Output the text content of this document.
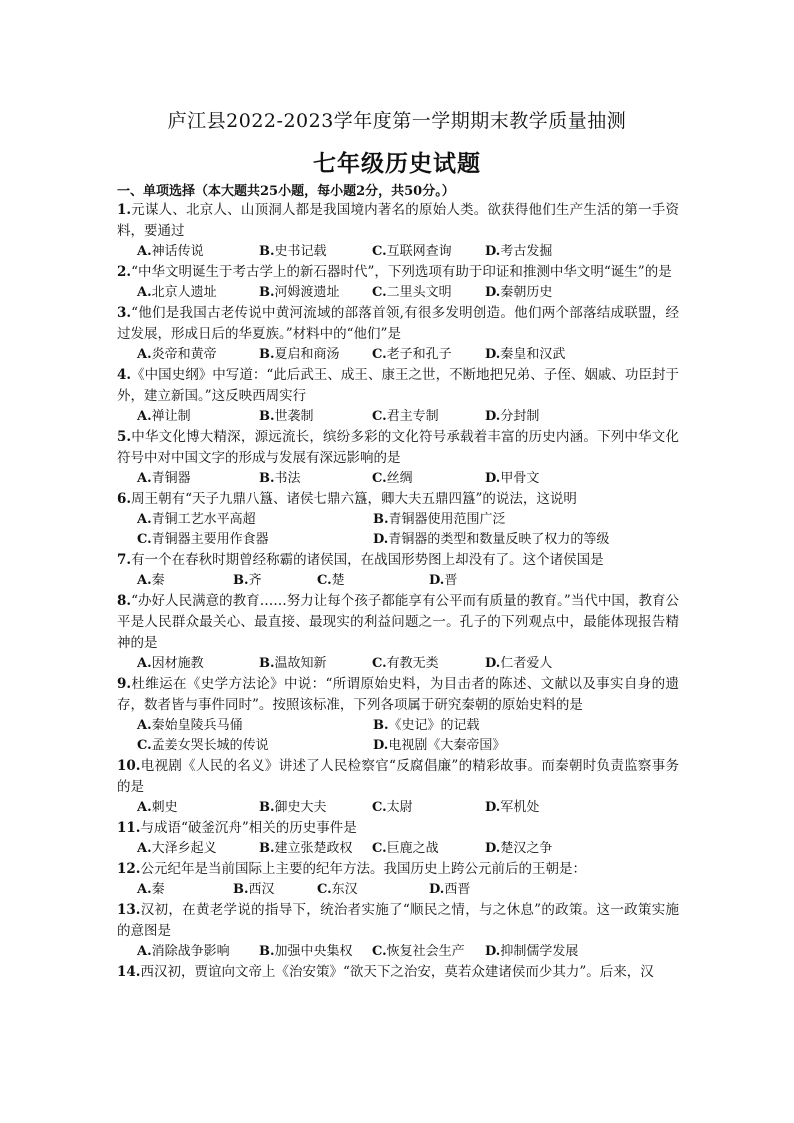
庐江县2022-2023学年度第一学期期末教学质量抽测
七年级历史试题
一、单项选择（本大题共25小题，每小题2分，共50分。）

1.元谋人、北京人、山顶洞人都是我国境内著名的原始人类。欲获得他们生产生活的第一手资料，要通过

A.神话传说	B.史书记载	C.互联网查询	D.考古发掘

2.“中华文明诞生于考古学上的新石器时代”，下列选项有助于印证和推测中华文明“诞生”的是

A.北京人遗址	B.河姆渡遗址 C.二里头文明	D.秦朝历史

3.“他们是我国古老传说中黄河流域的部落首领,有很多发明创造。他们两个部落结成联盟，经过发展，形成日后的华夏族。”材料中的“他们”是

A.炎帝和黄帝	B.夏启和商汤 C.老子和孔子	D.秦皇和汉武

4.《中国史纲》中写道：“此后武王、成王、康王之世，不断地把兄弟、子侄、姻戚、功臣封于外，建立新国。”这反映西周实行

A.禅让制	B.世袭制	C.君主专制	D.分封制

5.中华文化博大精深，源远流长，缤纷多彩的文化符号承载着丰富的历史内涵。下列中华文化符号中对中国文字的形成与发展有深远影响的是

A.青铜器	B.书法	C.丝绸	D.甲骨文

6.周王朝有“天子九鼎八簋、诸侯七鼎六簋，卿大夫五鼎四簋”的说法，这说明

A.青铜工艺水平高超	B.青铜器使用范围广泛
C.青铜器主要用作食器	D.青铜器的类型和数量反映了权力的等级

7.有一个在春秋时期曾经称霸的诸侯国，在战国形势图上却没有了。这个诸侯国是

A.秦	B.齐	C.楚	D.晋

8.“办好人民满意的教育……努力让每个孩子都能享有公平而有质量的教育。”当代中国，教育公平是人民群众最关心、最直接、最现实的利益问题之一。孔子的下列观点中，最能体现报告精神的是

A.因材施教	B.温故知新	C.有教无类	D.仁者爱人

9.杜维运在《史学方法论》中说：“所谓原始史料，为目击者的陈述、文献以及事实自身的遗存，数者皆与事件同时”。按照该标准，下列各项属于研究秦朝的原始史料的是

A.秦始皇陵兵马俑	B.《史记》的记载
C.孟姜女哭长城的传说	D.电视剧《大秦帝国》

10.电视剧《人民的名义》讲述了人民检察官“反腐倡廉”的精彩故事。而秦朝时负责监察事务的是

A.刺史	B.御史大夫	C.太尉	D.军机处

11.与成语“破釜沉舟”相关的历史事件是

A.大泽乡起义	B.建立张楚政权 C.巨鹿之战	D.楚汉之争

12.公元纪年是当前国际上主要的纪年方法。我国历史上跨公元前后的王朝是：

A.秦	B.西汉	C.东汉	D.西晋

13.汉初，在黄老学说的指导下，统治者实施了“顺民之情，与之休息”的政策。这一政策实施的意图是

A.消除战争影响 B.加强中央集权 C.恢复社会生产 D.抑制儒学发展

14.西汉初，贾谊向文帝上《治安策》“欲天下之治安，莫若众建诸侯而少其力”。后来，汉
